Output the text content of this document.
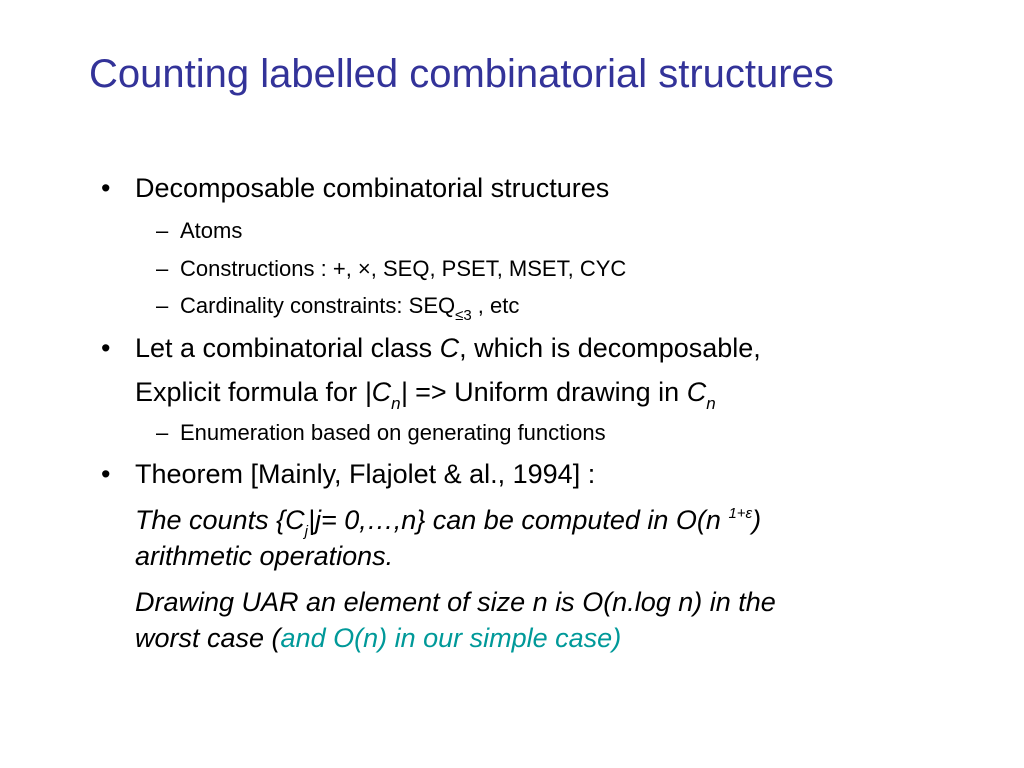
Counting labelled combinatorial structures
• Decomposable combinatorial structures
– Atoms
– Constructions : +, ×, SEQ, PSET, MSET, CYC
– Cardinality constraints: $SEQ_{\le 3}$ , etc
• Let a combinatorial class C, which is decomposable,
Explicit formula for $|C_n|$ => Uniform drawing in $C_n$
– Enumeration based on generating functions
• Theorem [Mainly, Flajolet & al., 1994] :
The counts {$C_j|j=$ 0,…,n} can be computed in O(n $^{1+\varepsilon}$)
arithmetic operations.
Drawing UAR an element of size n is O(n.log n) in the
worst case (and O(n) in our simple case)
